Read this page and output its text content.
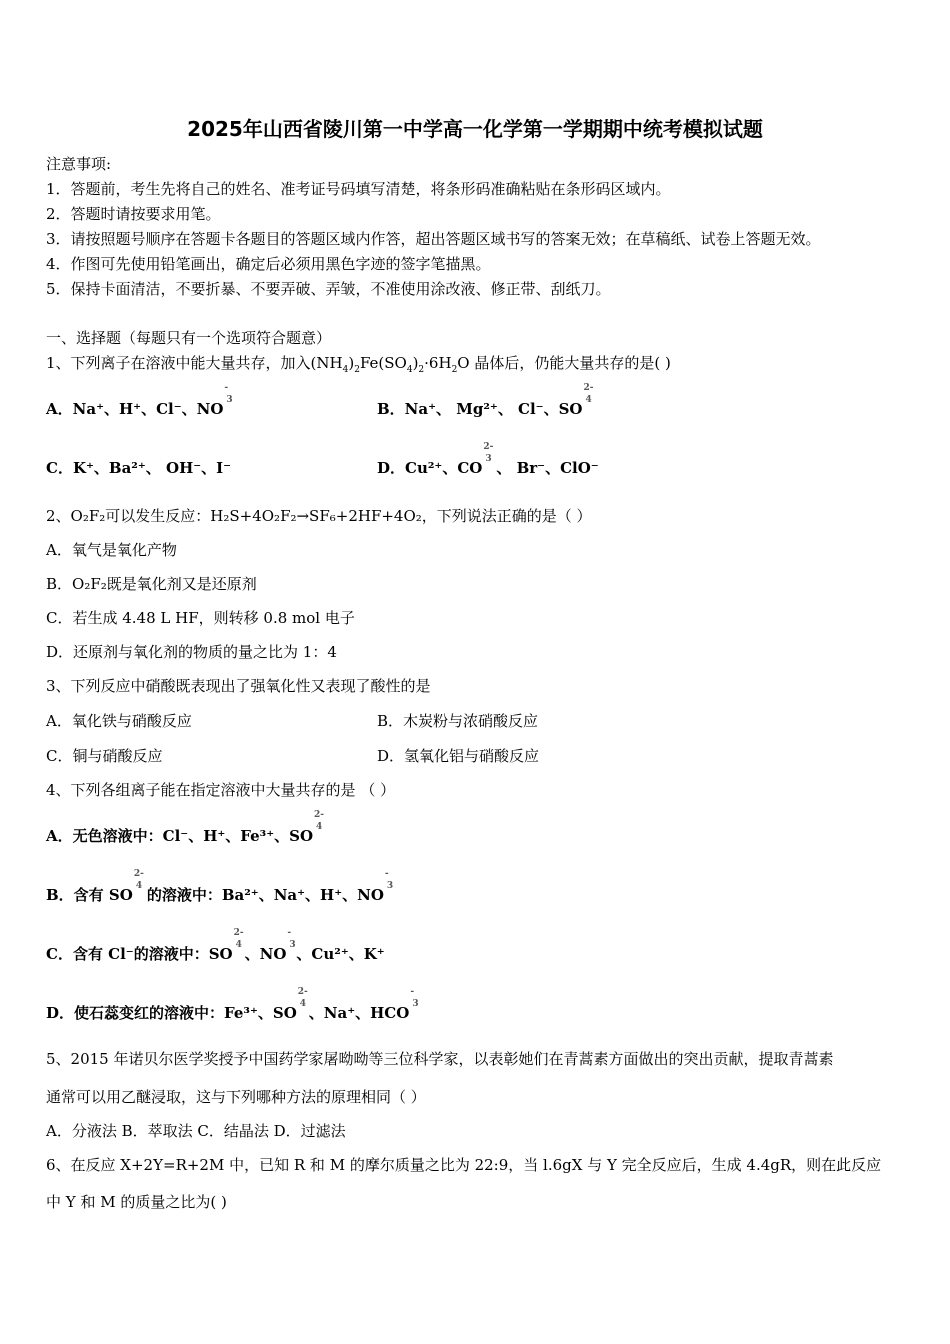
2025年山西省陵川第一中学高一化学第一学期期中统考模拟试题
注意事项:
1．答题前，考生先将自己的姓名、准考证号码填写清楚，将条形码准确粘贴在条形码区域内。
2．答题时请按要求用笔。
3．请按照题号顺序在答题卡各题目的答题区域内作答，超出答题区域书写的答案无效；在草稿纸、试卷上答题无效。
4．作图可先使用铅笔画出，确定后必须用黑色字迹的签字笔描黑。
5．保持卡面清洁，不要折暴、不要弄破、弄皱，不准使用涂改液、修正带、刮纸刀。
一、选择题（每题只有一个选项符合题意）
1、下列离子在溶液中能大量共存，加入$(NH_4)_2Fe(SO_4)_2\cdot 6H_2O$ 晶体后，仍能大量共存的是( )
A．Na⁺、H⁺、Cl⁻、NO
-
3	B．Na⁺、 Mg²⁺、 Cl⁻、SO
2-
4
C．K⁺、Ba²⁺、 OH⁻、I⁻	D．Cu²⁺、CO
2-
3 、 Br⁻、ClO⁻
2、O₂F₂可以发生反应：H₂S+4O₂F₂→SF₆+2HF+4O₂，下列说法正确的是（ ）
A．氧气是氧化产物
B．O₂F₂既是氧化剂又是还原剂
C．若生成 4.48 L HF，则转移 0.8 mol 电子
D．还原剂与氧化剂的物质的量之比为 1：4
3、下列反应中硝酸既表现出了强氧化性又表现了酸性的是
A．氧化铁与硝酸反应	B．木炭粉与浓硝酸反应
C．铜与硝酸反应	D．氢氧化铝与硝酸反应
4、下列各组离子能在指定溶液中大量共存的是 （ ）
A．无色溶液中：Cl⁻、H⁺、Fe³⁺、SO
2-
4
B．含有 SO
2-
4 的溶液中：Ba²⁺、Na⁺、H⁺、NO
-
3
C．含有 Cl⁻的溶液中：SO
2-
4 、NO
-
3 、Cu²⁺、K⁺
D．使石蕊变红的溶液中：Fe³⁺、SO
2-
4 、Na⁺、HCO
-
3
5、2015 年诺贝尔医学奖授予中国药学家屠呦呦等三位科学家，以表彰她们在青蒿素方面做出的突出贡献，提取青蒿素
通常可以用乙醚浸取，这与下列哪种方法的原理相同（ ）
A．分液法 B．萃取法 C．结晶法 D．过滤法
6、在反应 X+2Y=R+2M 中，已知 R 和 M 的摩尔质量之比为 22:9，当 l.6gX 与 Y 完全反应后，生成 4.4gR，则在此反应
中 Y 和 M 的质量之比为( )
